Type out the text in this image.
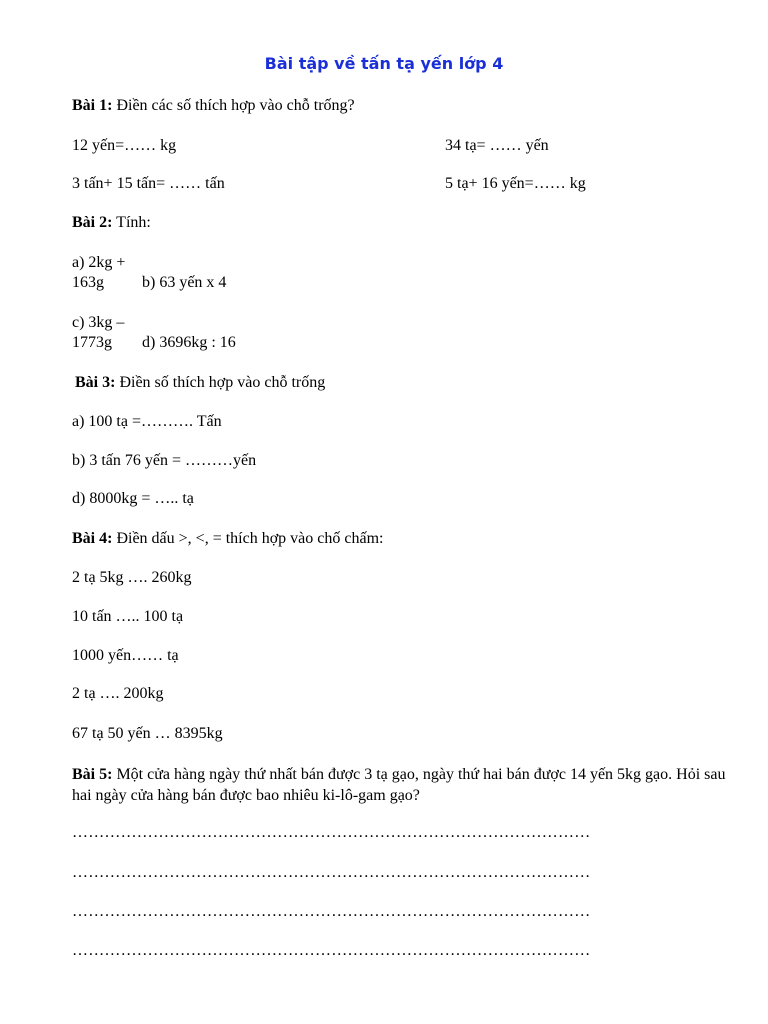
Bài tập về tấn tạ yến lớp 4
Bài 1: Điền các số thích hợp vào chỗ trống?
12 yến=…… kg	34 tạ= …… yến
3 tấn+ 15 tấn= …… tấn	5 tạ+ 16 yến=…… kg
Bài 2: Tính:
a) 2kg +
163g b) 63 yến x 4
c) 3kg –
1773g d) 3696kg : 16
Bài 3: Điền số thích hợp vào chỗ trống
a) 100 tạ =………. Tấn
b) 3 tấn 76 yến = ………yến
d) 8000kg = ….. tạ
Bài 4: Điền dấu >, <, = thích hợp vào chố chấm:
2 tạ 5kg …. 260kg
10 tấn ….. 100 tạ
1000 yến…… tạ
2 tạ …. 200kg
67 tạ 50 yến … 8395kg
Bài 5: Một cửa hàng ngày thứ nhất bán được 3 tạ gạo, ngày thứ hai bán được 14 yến 5kg gạo. Hỏi sau hai ngày cửa hàng bán được bao nhiêu ki-lô-gam gạo?
……………………………………………………………………………………
……………………………………………………………………………………
……………………………………………………………………………………
……………………………………………………………………………………
